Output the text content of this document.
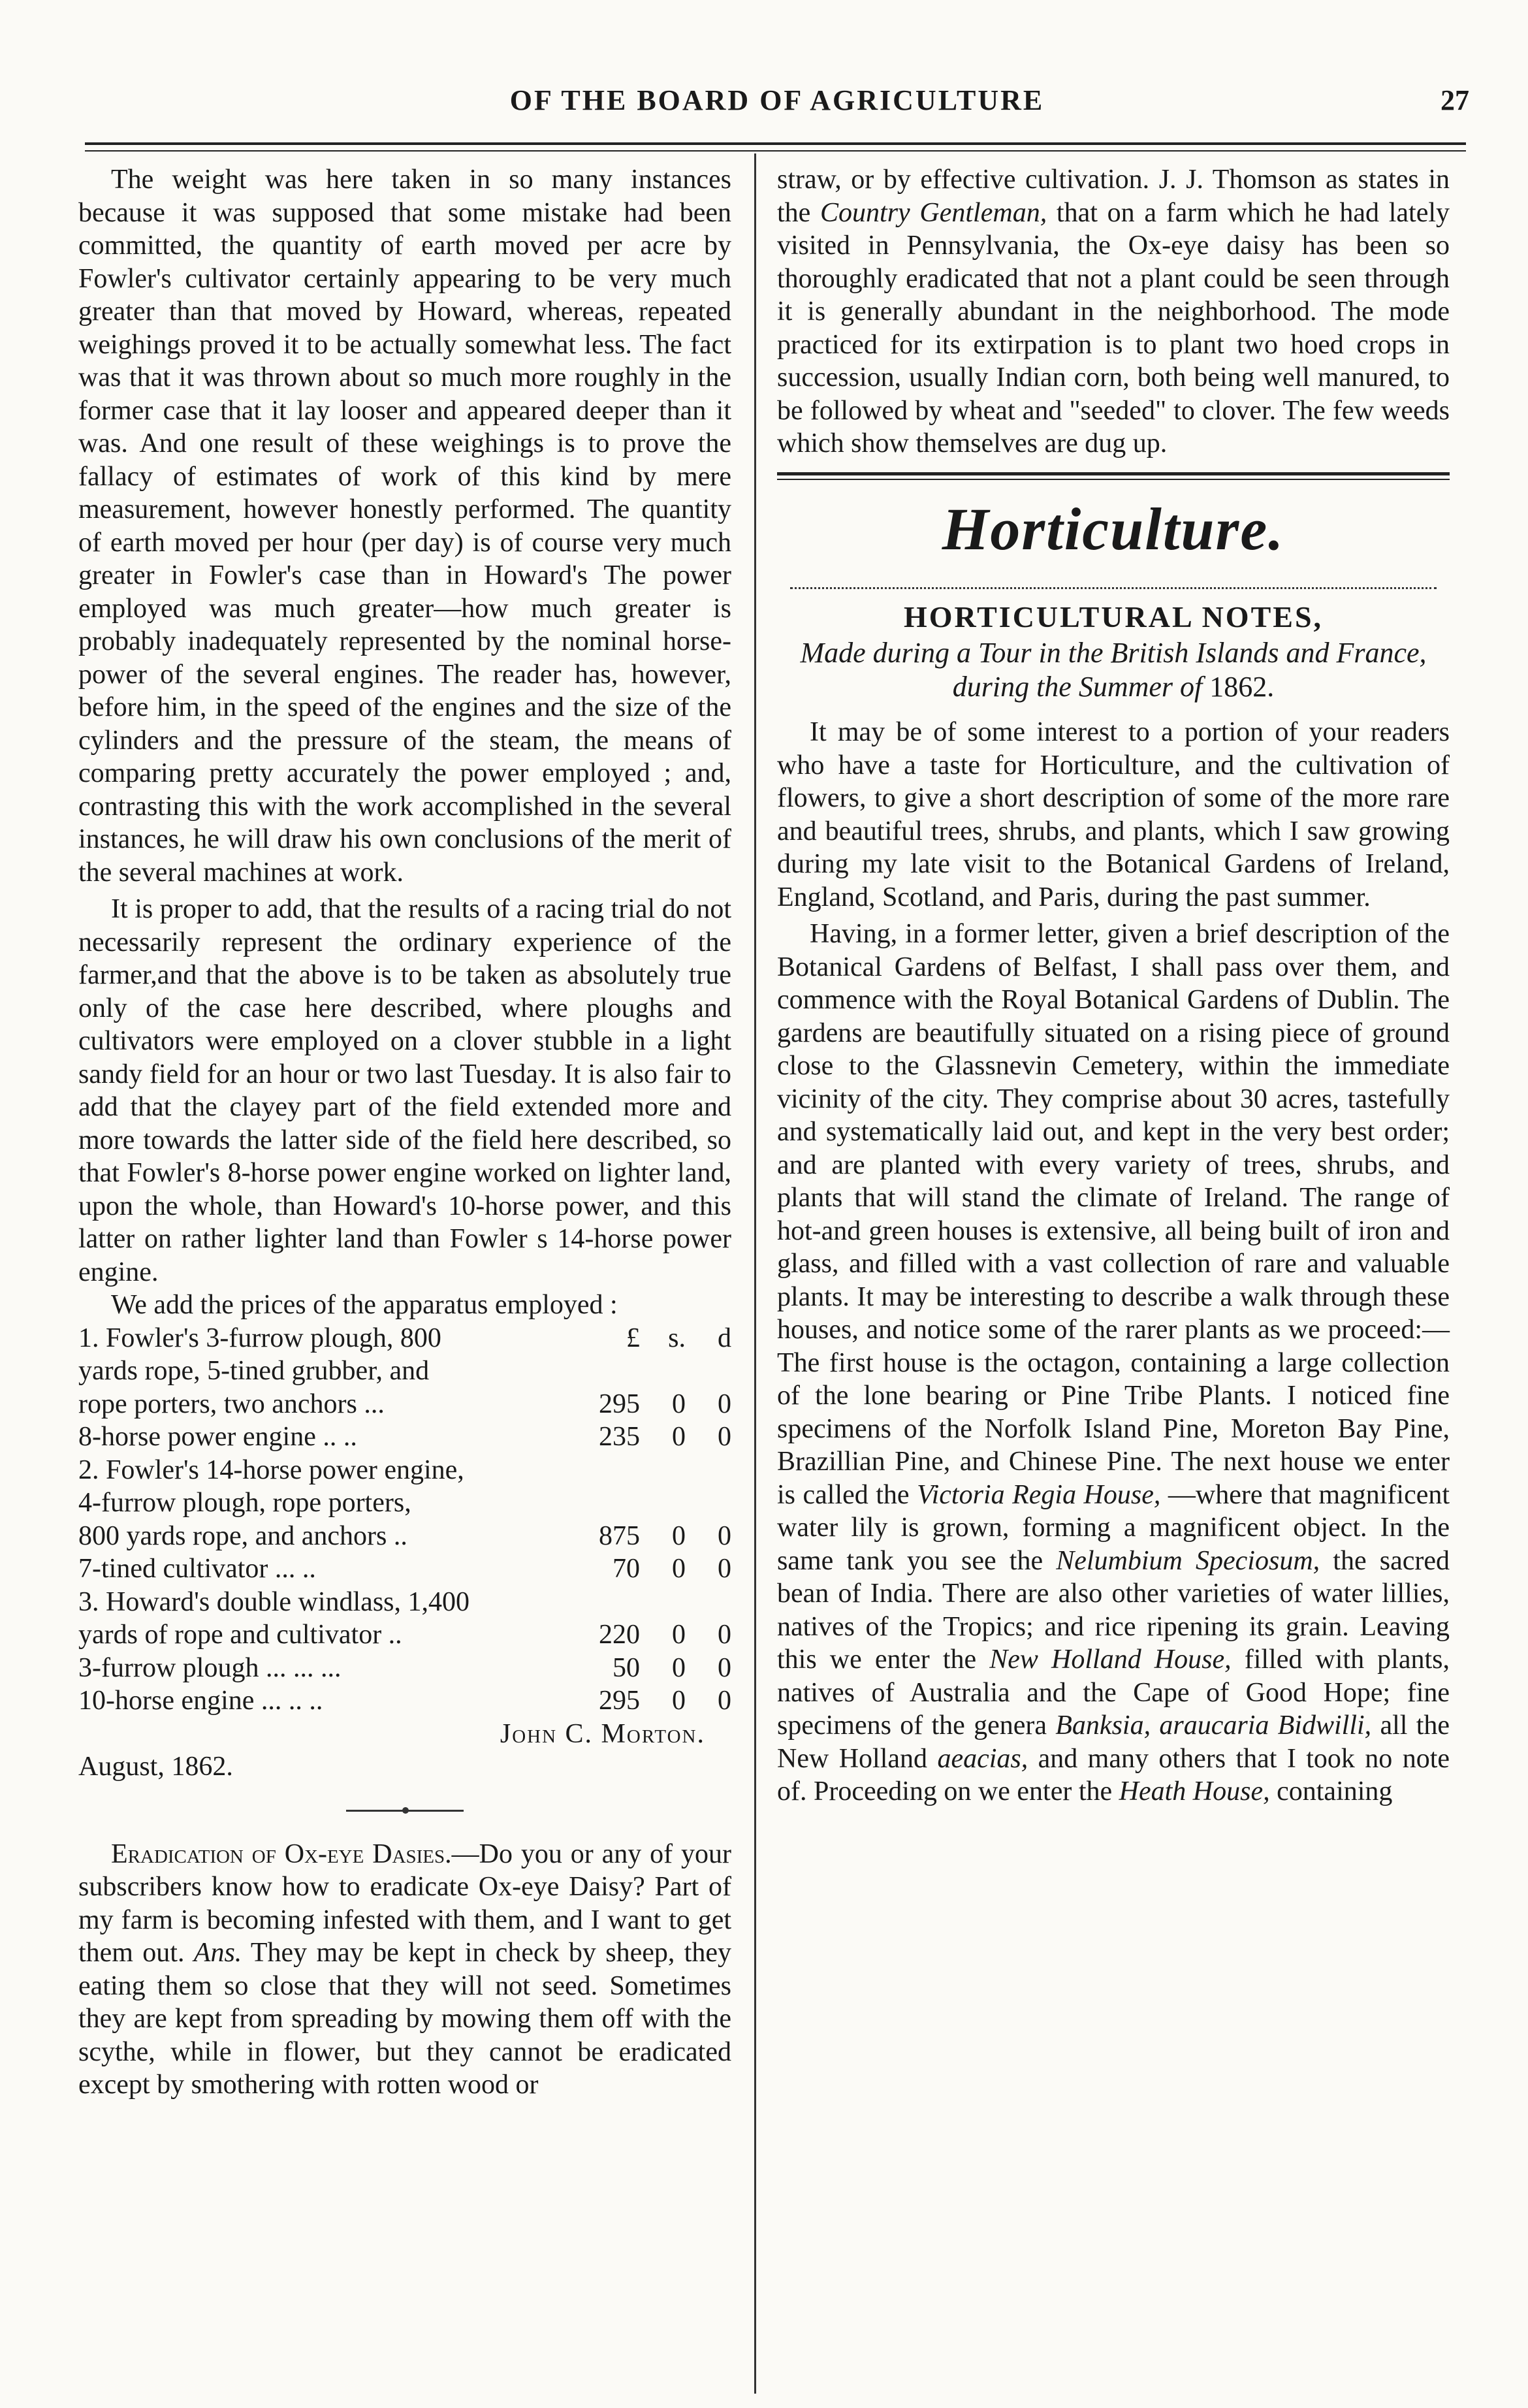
OF THE BOARD OF AGRICULTURE	27

The weight was here taken in so many instances because it was supposed that some mistake had been committed, the quantity of earth moved per acre by Fowler's cultivator certainly appearing to be very much greater than that moved by Howard, whereas, repeated weighings proved it to be actually somewhat less. The fact was that it was thrown about so much more roughly in the former case that it lay looser and appeared deeper than it was. And one result of these weighings is to prove the fallacy of estimates of work of this kind by mere measurement, however honestly performed. The quantity of earth moved per hour (per day) is of course very much greater in Fowler's case than in Howard's The power employed was much greater—how much greater is probably inadequately represented by the nominal horse-power of the several engines. The reader has, however, before him, in the speed of the engines and the size of the cylinders and the pressure of the steam, the means of comparing pretty accurately the power employed ; and, contrasting this with the work accomplished in the several instances, he will draw his own conclusions of the merit of the several machines at work.

It is proper to add, that the results of a racing trial do not necessarily represent the ordinary experience of the farmer,and that the above is to be taken as absolutely true only of the case here described, where ploughs and cultivators were employed on a clover stubble in a light sandy field for an hour or two last Tuesday. It is also fair to add that the clayey part of the field extended more and more towards the latter side of the field here described, so that Fowler's 8-horse power engine worked on lighter land, upon the whole, than Howard's 10-horse power, and this latter on rather lighter land than Fowler s 14-horse power engine.

We add the prices of the apparatus employed :

1. Fowler's 3-furrow plough, 800	£	s.	d
yards rope, 5-tined grubber, and
rope porters, two anchors ...	295	0	0
8-horse power engine .. ..	235	0	0
2. Fowler's 14-horse power engine,
4-furrow plough, rope porters,
800 yards rope, and anchors ..	875	0	0
7-tined cultivator ... ..	70	0	0
3. Howard's double windlass, 1,400
yards of rope and cultivator ..	220	0	0
3-furrow plough ... ... ...	50	0	0
10-horse engine ... .. ..	295	0	0
John C. Morton.

August, 1862.

Eradication of Ox-eye Dasies.—Do you or any of your subscribers know how to eradicate Ox-eye Daisy? Part of my farm is becoming infested with them, and I want to get them out. Ans. They may be kept in check by sheep, they eating them so close that they will not seed. Sometimes they are kept from spreading by mowing them off with the scythe, while in flower, but they cannot be eradicated except by smothering with rotten wood or

straw, or by effective cultivation. J. J. Thomson as states in the Country Gentleman, that on a farm which he had lately visited in Pennsylvania, the Ox-eye daisy has been so thoroughly eradicated that not a plant could be seen through it is generally abundant in the neighborhood. The mode practiced for its extirpation is to plant two hoed crops in succession, usually Indian corn, both being well manured, to be followed by wheat and "seeded" to clover. The few weeds which show themselves are dug up.

Horticulture.
HORTICULTURAL NOTES,
Made during a Tour in the British Islands and France, during the Summer of 1862.

It may be of some interest to a portion of your readers who have a taste for Horticulture, and the cultivation of flowers, to give a short description of some of the more rare and beautiful trees, shrubs, and plants, which I saw growing during my late visit to the Botanical Gardens of Ireland, England, Scotland, and Paris, during the past summer.

Having, in a former letter, given a brief description of the Botanical Gardens of Belfast, I shall pass over them, and commence with the Royal Botanical Gardens of Dublin. The gardens are beautifully situated on a rising piece of ground close to the Glassnevin Cemetery, within the immediate vicinity of the city. They comprise about 30 acres, tastefully and systematically laid out, and kept in the very best order; and are planted with every variety of trees, shrubs, and plants that will stand the climate of Ireland. The range of hot-and green houses is extensive, all being built of iron and glass, and filled with a vast collection of rare and valuable plants. It may be interesting to describe a walk through these houses, and notice some of the rarer plants as we proceed:—The first house is the octagon, containing a large collection of the lone bearing or Pine Tribe Plants. I noticed fine specimens of the Norfolk Island Pine, Moreton Bay Pine, Brazillian Pine, and Chinese Pine. The next house we enter is called the Victoria Regia House, —where that magnificent water lily is grown, forming a magnificent object. In the same tank you see the Nelumbium Speciosum, the sacred bean of India. There are also other varieties of water lillies, natives of the Tropics; and rice ripening its grain. Leaving this we enter the New Holland House, filled with plants, natives of Australia and the Cape of Good Hope; fine specimens of the genera Banksia, araucaria Bidwilli, all the New Holland aeacias, and many others that I took no note of. Proceeding on we enter the Heath House, containing
